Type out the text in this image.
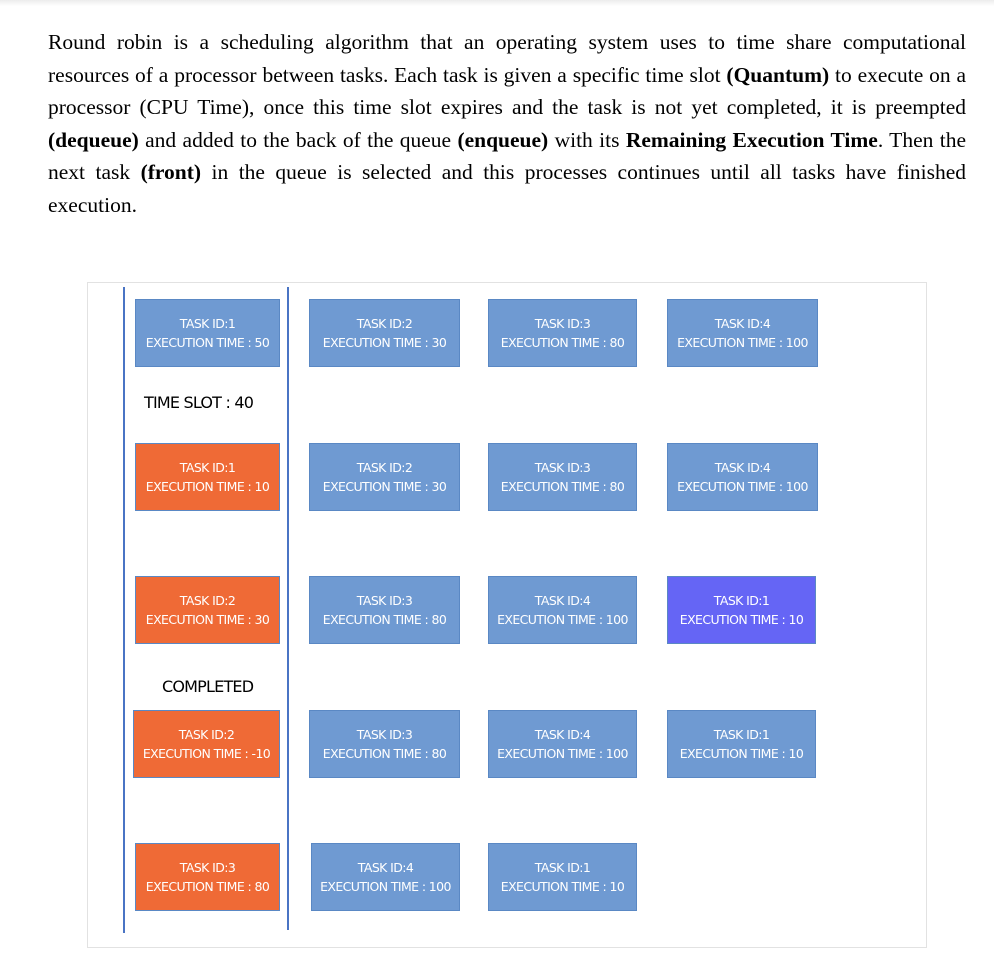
Round robin is a scheduling algorithm that an operating system uses to time share computational resources of a processor between tasks. Each task is given a specific time slot (Quantum) to execute on a processor (CPU Time), once this time slot expires and the task is not yet completed, it is preempted (dequeue) and added to the back of the queue (enqueue) with its Remaining Execution Time. Then the next task (front) in the queue is selected and this processes continues until all tasks have finished execution.

TIME SLOT : 40
COMPLETED
TASK ID:1
EXECUTION TIME : 50
TASK ID:2
EXECUTION TIME : 30
TASK ID:3
EXECUTION TIME : 80
TASK ID:4
EXECUTION TIME : 100
TASK ID:1
EXECUTION TIME : 10
TASK ID:2
EXECUTION TIME : 30
TASK ID:3
EXECUTION TIME : 80
TASK ID:4
EXECUTION TIME : 100
TASK ID:2
EXECUTION TIME : 30
TASK ID:3
EXECUTION TIME : 80
TASK ID:4
EXECUTION TIME : 100
TASK ID:1
EXECUTION TIME : 10
TASK ID:2
EXECUTION TIME : -10
TASK ID:3
EXECUTION TIME : 80
TASK ID:4
EXECUTION TIME : 100
TASK ID:1
EXECUTION TIME : 10
TASK ID:3
EXECUTION TIME : 80
TASK ID:4
EXECUTION TIME : 100
TASK ID:1
EXECUTION TIME : 10
